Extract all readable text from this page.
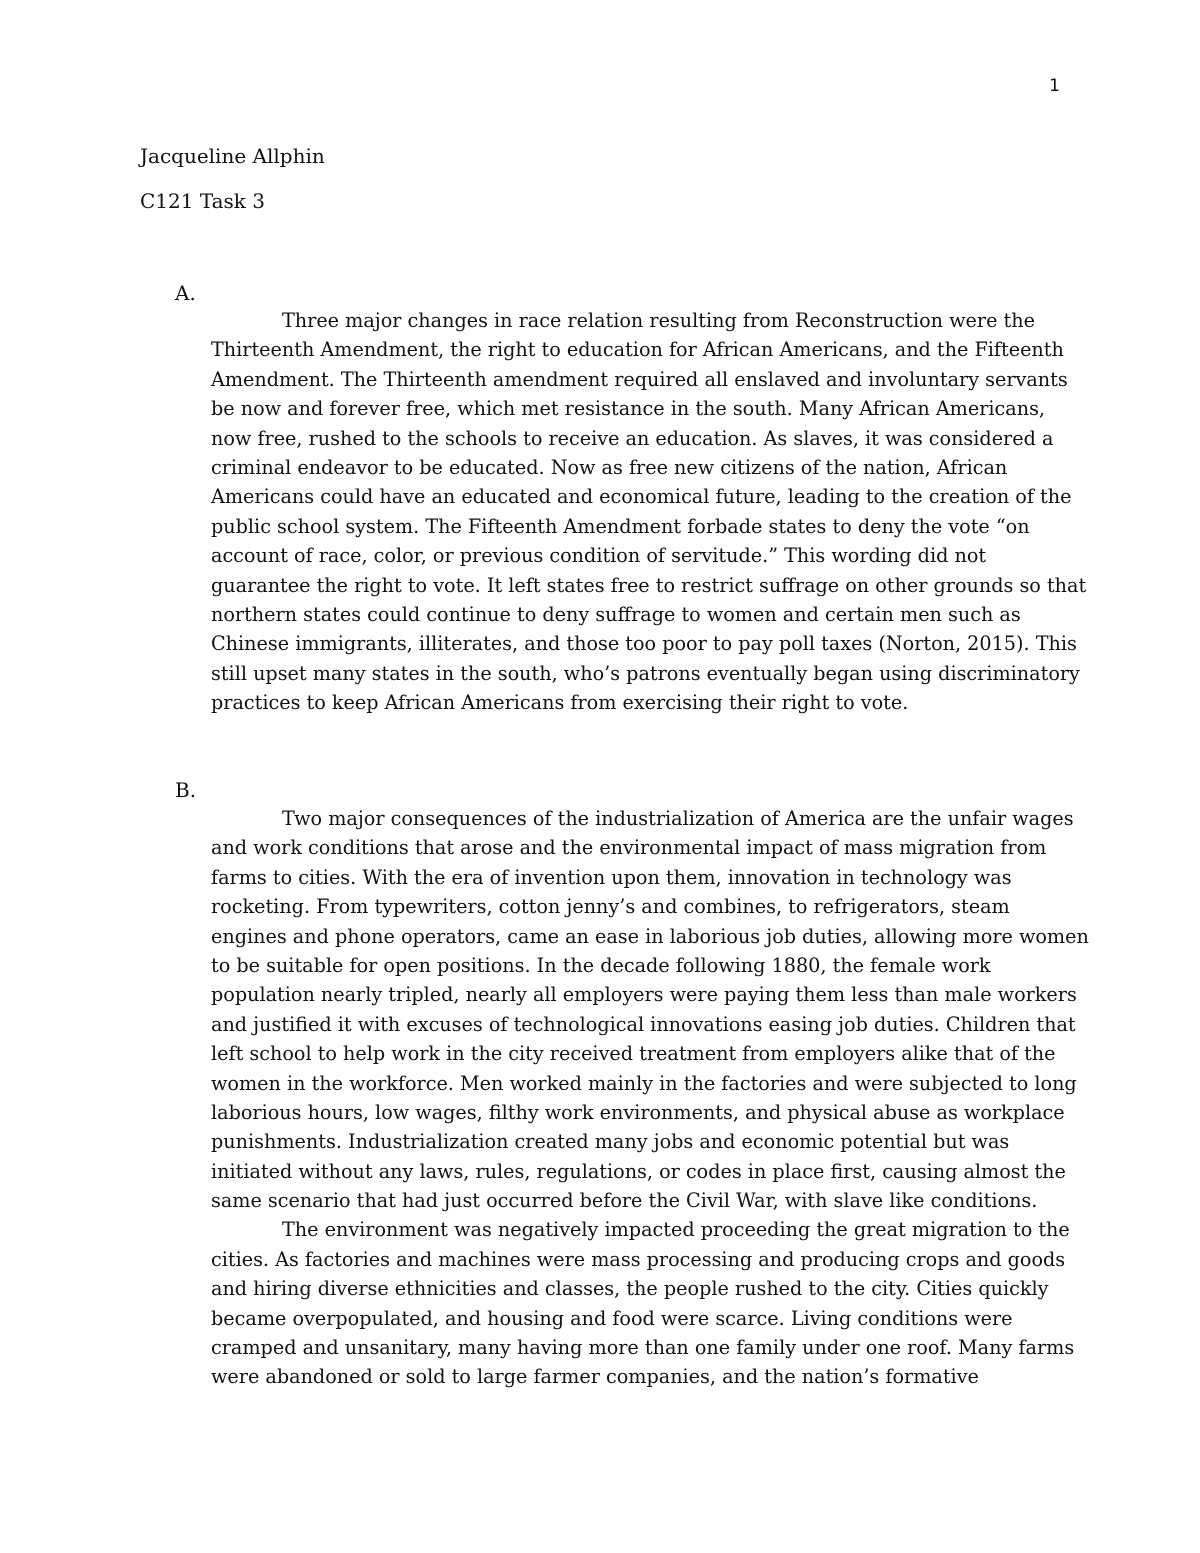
1
Jacqueline Allphin
C121 Task 3
A.
Three major changes in race relation resulting from Reconstruction were the
Thirteenth Amendment, the right to education for African Americans, and the Fifteenth
Amendment. The Thirteenth amendment required all enslaved and involuntary servants
be now and forever free, which met resistance in the south. Many African Americans,
now free, rushed to the schools to receive an education. As slaves, it was considered a
criminal endeavor to be educated. Now as free new citizens of the nation, African
Americans could have an educated and economical future, leading to the creation of the
public school system. The Fifteenth Amendment forbade states to deny the vote “on
account of race, color, or previous condition of servitude.” This wording did not
guarantee the right to vote. It left states free to restrict suffrage on other grounds so that
northern states could continue to deny suffrage to women and certain men such as
Chinese immigrants, illiterates, and those too poor to pay poll taxes (Norton, 2015). This
still upset many states in the south, who’s patrons eventually began using discriminatory
practices to keep African Americans from exercising their right to vote.
B.
Two major consequences of the industrialization of America are the unfair wages
and work conditions that arose and the environmental impact of mass migration from
farms to cities. With the era of invention upon them, innovation in technology was
rocketing. From typewriters, cotton jenny’s and combines, to refrigerators, steam
engines and phone operators, came an ease in laborious job duties, allowing more women
to be suitable for open positions. In the decade following 1880, the female work
population nearly tripled, nearly all employers were paying them less than male workers
and justified it with excuses of technological innovations easing job duties. Children that
left school to help work in the city received treatment from employers alike that of the
women in the workforce. Men worked mainly in the factories and were subjected to long
laborious hours, low wages, filthy work environments, and physical abuse as workplace
punishments. Industrialization created many jobs and economic potential but was
initiated without any laws, rules, regulations, or codes in place first, causing almost the
same scenario that had just occurred before the Civil War, with slave like conditions.
The environment was negatively impacted proceeding the great migration to the
cities. As factories and machines were mass processing and producing crops and goods
and hiring diverse ethnicities and classes, the people rushed to the city. Cities quickly
became overpopulated, and housing and food were scarce. Living conditions were
cramped and unsanitary, many having more than one family under one roof. Many farms
were abandoned or sold to large farmer companies, and the nation’s formative
